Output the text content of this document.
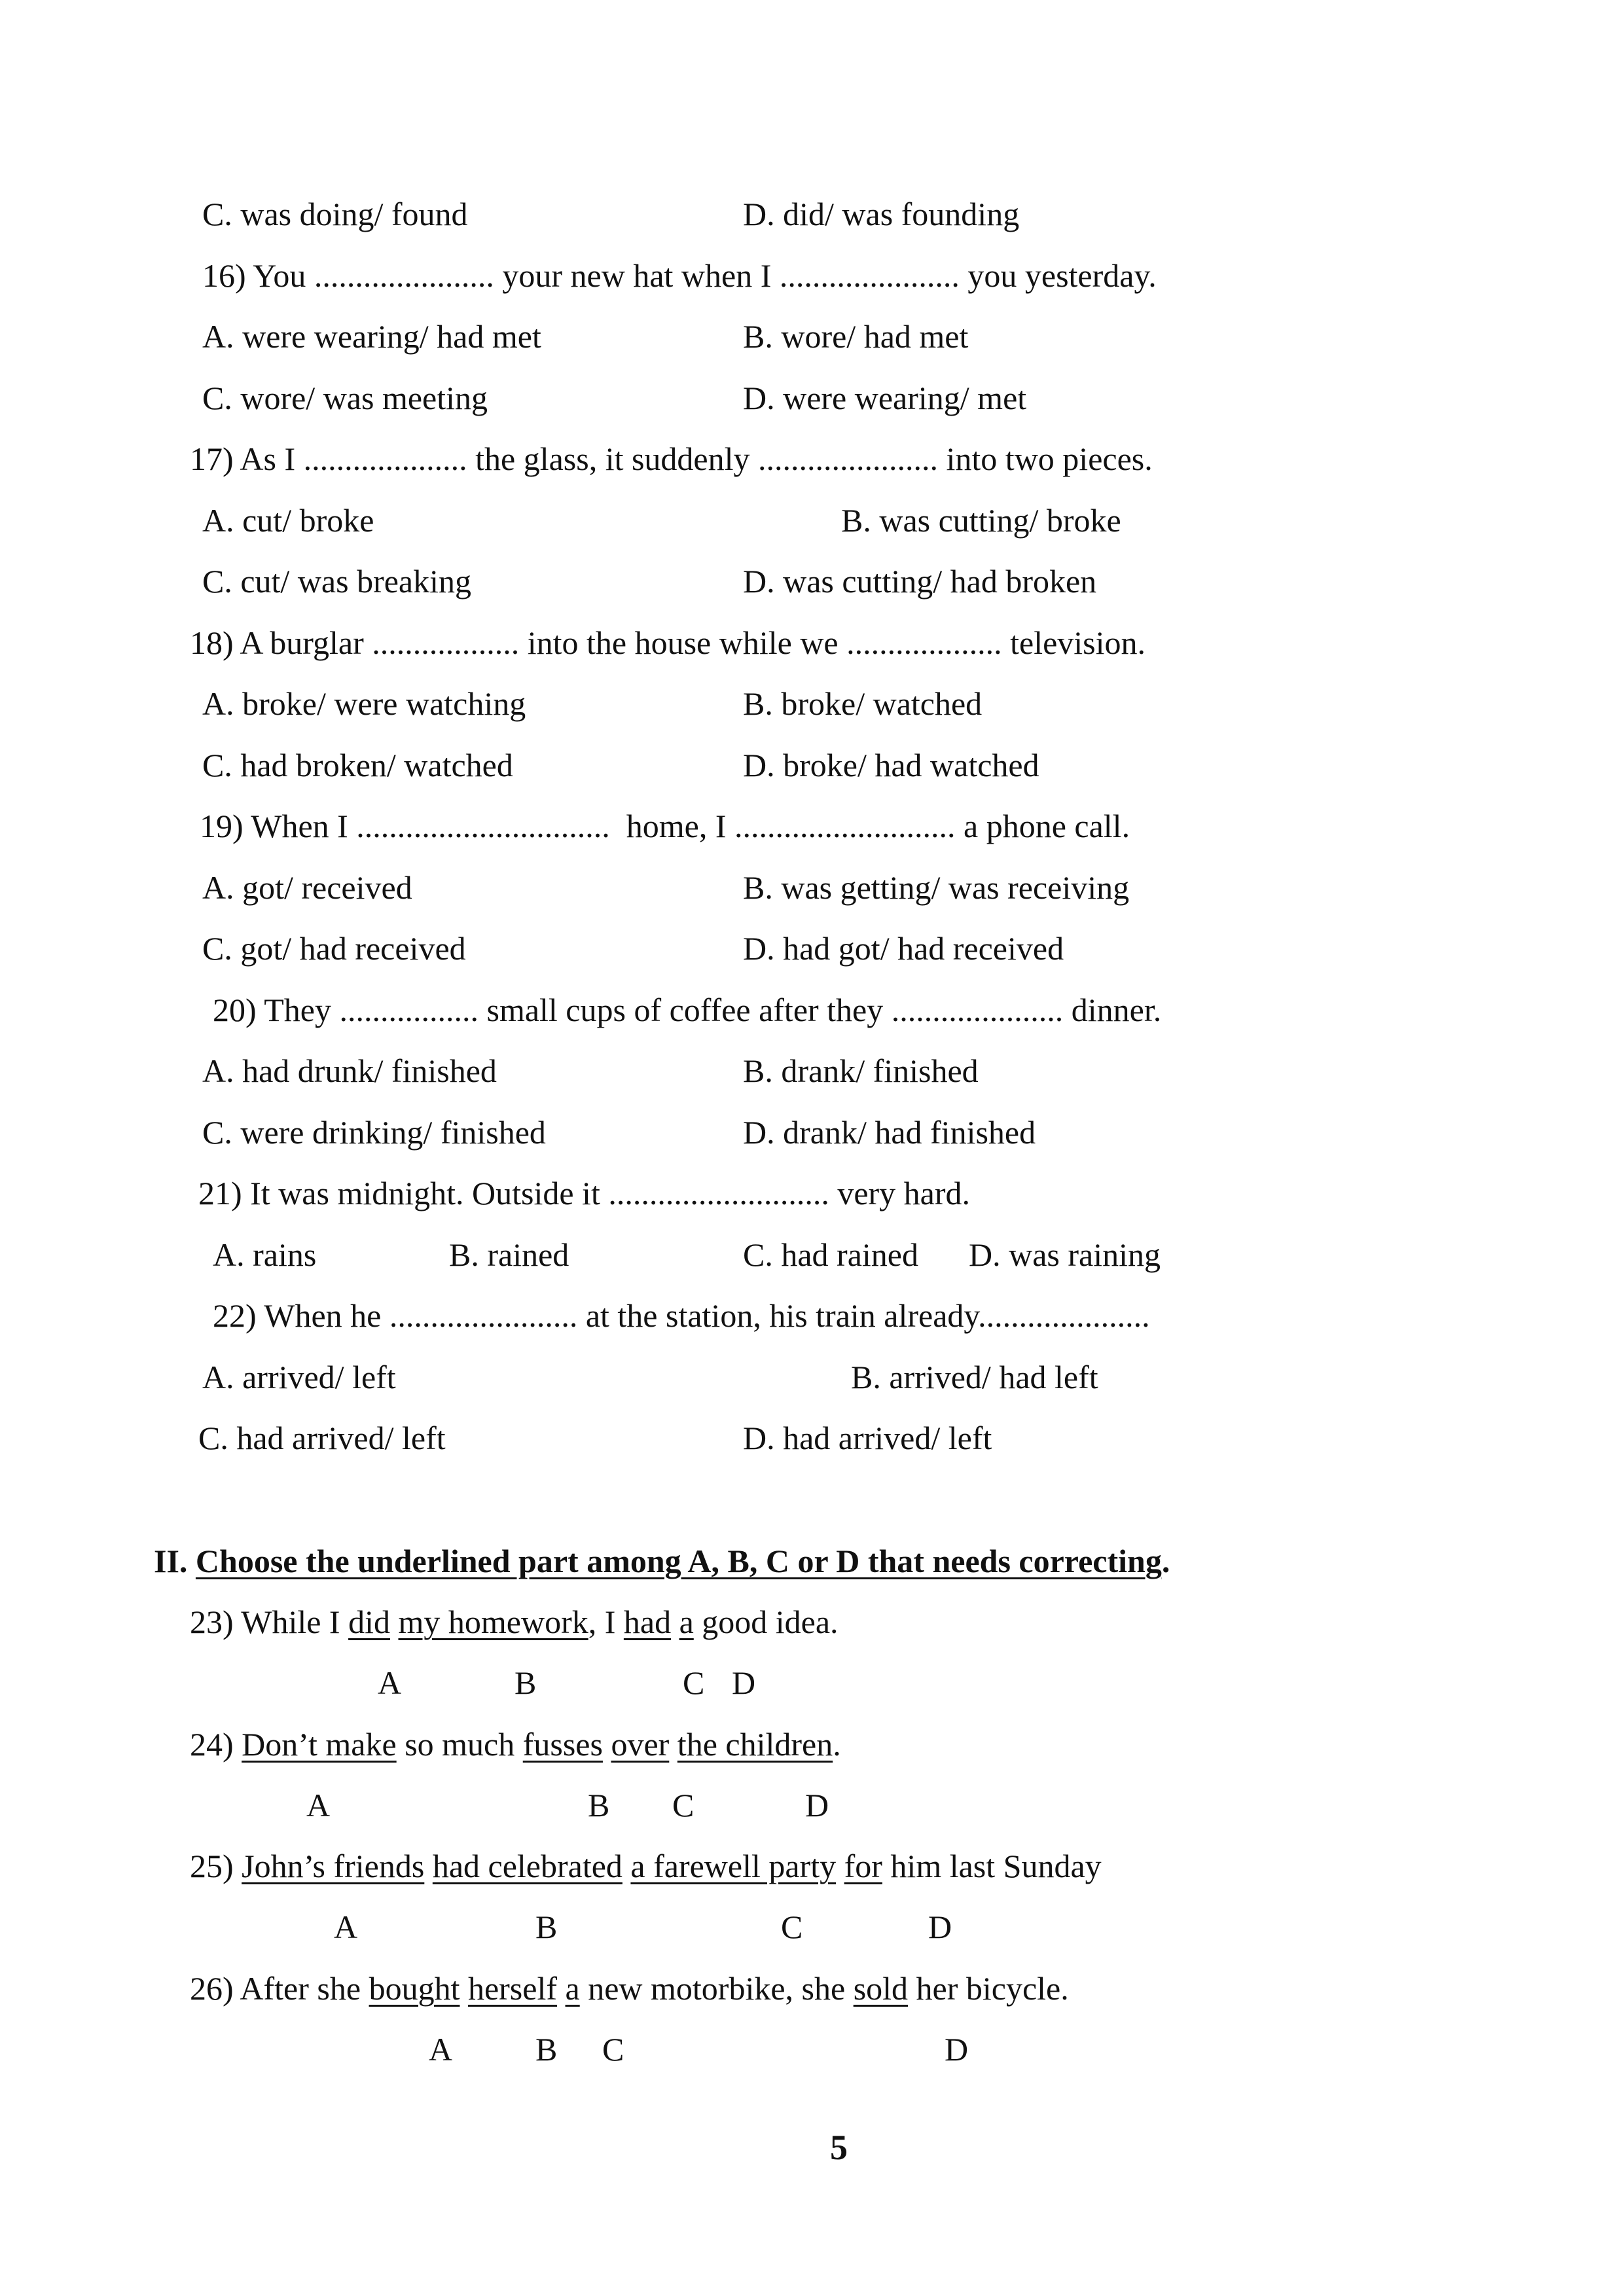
C. was doing/ found	D. did/ was founding
16) You ...................... your new hat when I ...................... you yesterday.
A. were wearing/ had met	B. wore/ had met
C. wore/ was meeting	D. were wearing/ met
17) As I .................... the glass, it suddenly ...................... into two pieces.
A. cut/ broke	B. was cutting/ broke
C. cut/ was breaking	D. was cutting/ had broken
18) A burglar .................. into the house while we ................... television.
A. broke/ were watching	B. broke/ watched
C. had broken/ watched	D. broke/ had watched
19) When I ...............................  home, I ........................... a phone call.
A. got/ received	B. was getting/ was receiving
C. got/ had received	D. had got/ had received
20) They ................. small cups of coffee after they ..................... dinner.
A. had drunk/ finished	B. drank/ finished
C. were drinking/ finished	D. drank/ had finished
21) It was midnight. Outside it ........................... very hard.
A. rains	B. rained	C. had rained D. was raining
22) When he ....................... at the station, his train already.....................
A. arrived/ left	B. arrived/ had left
C. had arrived/ left	D. had arrived/ left
II. Choose the underlined part among A, B, C or D that needs correcting.
23) While I did my homework, I had a good idea.
A	B	C D
24) Don’t make so much fusses over the children.
A	B C	D
25) John’s friends had celebrated a farewell party for him last Sunday
A	B	C	D
26) After she bought herself a new motorbike, she sold her bicycle.
A	B C	D
5
